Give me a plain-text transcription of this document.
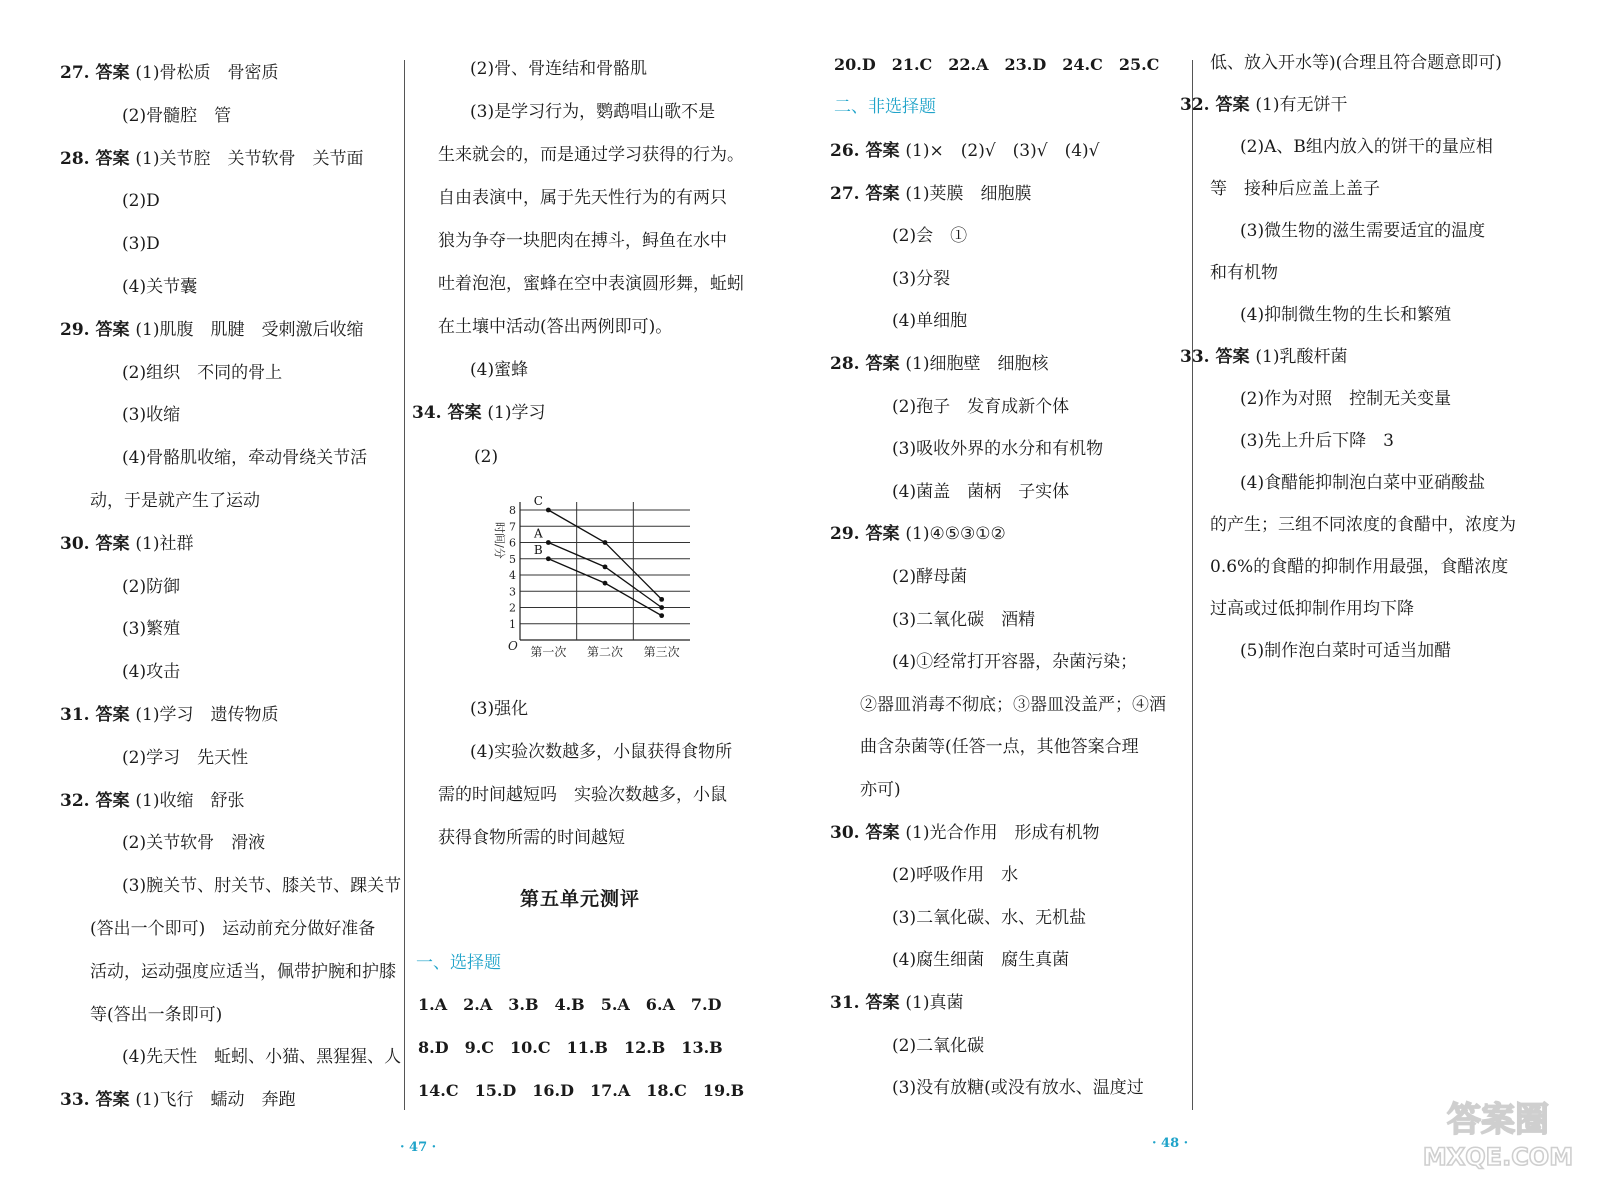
27. 答案 (1)骨松质　骨密质
(2)骨髓腔　管
28. 答案 (1)关节腔　关节软骨　关节面
(2)D
(3)D
(4)关节囊
29. 答案 (1)肌腹　肌腱　受刺激后收缩
(2)组织　不同的骨上
(3)收缩
(4)骨骼肌收缩，牵动骨绕关节活
动，于是就产生了运动
30. 答案 (1)社群
(2)防御
(3)繁殖
(4)攻击
31. 答案 (1)学习　遗传物质
(2)学习　先天性
32. 答案 (1)收缩　舒张
(2)关节软骨　滑液
(3)腕关节、肘关节、膝关节、踝关节
(答出一个即可)　运动前充分做好准备
活动，运动强度应适当，佩带护腕和护膝
等(答出一条即可)
(4)先天性　蚯蚓、小猫、黑猩猩、人
33. 答案 (1)飞行　蠕动　奔跑
(2)骨、骨连结和骨骼肌
(3)是学习行为，鹦鹉唱山歌不是
生来就会的，而是通过学习获得的行为。
自由表演中，属于先天性行为的有两只
狼为争夺一块肥肉在搏斗，鲟鱼在水中
吐着泡泡，蜜蜂在空中表演圆形舞，蚯蚓
在土壤中活动(答出两例即可)。
(4)蜜蜂
34. 答案 (1)学习
(2)
1
2
3
4
5
6
7
8
第一次 第二次 第三次
O
时间/分
C
A
B
(3)强化
(4)实验次数越多，小鼠获得食物所
需的时间越短吗　实验次数越多，小鼠
获得食物所需的时间越短
第五单元测评
一、选择题
1.A　2.A　3.B　4.B　5.A　6.A　7.D
8.D　9.C　10.C　11.B　12.B　13.B
14.C　15.D　16.D　17.A　18.C　19.B
20.D　21.C　22.A　23.D　24.C　25.C
二、非选择题
26. 答案 (1)×　(2)√　(3)√　(4)√
27. 答案 (1)荚膜　细胞膜
(2)会　①
(3)分裂
(4)单细胞
28. 答案 (1)细胞壁　细胞核
(2)孢子　发育成新个体
(3)吸收外界的水分和有机物
(4)菌盖　菌柄　子实体
29. 答案 (1)④⑤③①②
(2)酵母菌
(3)二氧化碳　酒精
(4)①经常打开容器，杂菌污染；
②器皿消毒不彻底；③器皿没盖严；④酒
曲含杂菌等(任答一点，其他答案合理
亦可)
30. 答案 (1)光合作用　形成有机物
(2)呼吸作用　水
(3)二氧化碳、水、无机盐
(4)腐生细菌　腐生真菌
31. 答案 (1)真菌
(2)二氧化碳
(3)没有放糖(或没有放水、温度过
低、放入开水等)(合理且符合题意即可)
32. 答案 (1)有无饼干
(2)A、B组内放入的饼干的量应相
等　接种后应盖上盖子
(3)微生物的滋生需要适宜的温度
和有机物
(4)抑制微生物的生长和繁殖
33. 答案 (1)乳酸杆菌
(2)作为对照　控制无关变量
(3)先上升后下降　3
(4)食醋能抑制泡白菜中亚硝酸盐
的产生；三组不同浓度的食醋中，浓度为
0.6%的食醋的抑制作用最强，食醋浓度
过高或过低抑制作用均下降
(5)制作泡白菜时可适当加醋
· 47 ·	· 48 ·
答案圈
MXQE.COM
